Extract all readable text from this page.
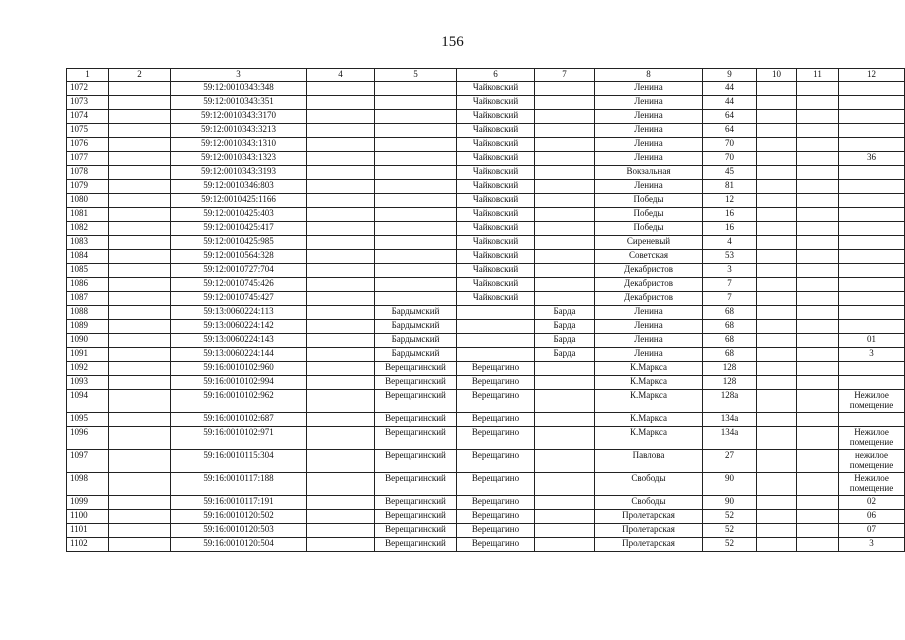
156
1	2	3	4	5	6	7	8	9	10	11	12
1072		59:12:0010343:348			Чайковский		Ленина	44			
1073		59:12:0010343:351			Чайковский		Ленина	44			
1074		59:12:0010343:3170			Чайковский		Ленина	64			
1075		59:12:0010343:3213			Чайковский		Ленина	64			
1076		59:12:0010343:1310			Чайковский		Ленина	70			
1077		59:12:0010343:1323			Чайковский		Ленина	70			36
1078		59:12:0010343:3193			Чайковский		Вокзальная	45			
1079		59:12:0010346:803			Чайковский		Ленина	81			
1080		59:12:0010425:1166			Чайковский		Победы	12			
1081		59:12:0010425:403			Чайковский		Победы	16			
1082		59:12:0010425:417			Чайковский		Победы	16			
1083		59:12:0010425:985			Чайковский		Сиреневый	4			
1084		59:12:0010564:328			Чайковский		Советская	53			
1085		59:12:0010727:704			Чайковский		Декабристов	3			
1086		59:12:0010745:426			Чайковский		Декабристов	7			
1087		59:12:0010745:427			Чайковский		Декабристов	7			
1088		59:13:0060224:113		Бардымский		Барда	Ленина	68			
1089		59:13:0060224:142		Бардымский		Барда	Ленина	68			
1090		59:13:0060224:143		Бардымский		Барда	Ленина	68			01
1091		59:13:0060224:144		Бардымский		Барда	Ленина	68			3
1092		59:16:0010102:960		Верещагинский	Верещагино		К.Маркса	128			
1093		59:16:0010102:994		Верещагинский	Верещагино		К.Маркса	128			
1094		59:16:0010102:962		Верещагинский	Верещагино		К.Маркса	128а			Нежилое помещение
1095		59:16:0010102:687		Верещагинский	Верещагино		К.Маркса	134а			
1096		59:16:0010102:971		Верещагинский	Верещагино		К.Маркса	134а			Нежилое помещение
1097		59:16:0010115:304		Верещагинский	Верещагино		Павлова	27			нежилое помещение
1098		59:16:0010117:188		Верещагинский	Верещагино		Свободы	90			Нежилое помещение
1099		59:16:0010117:191		Верещагинский	Верещагино		Свободы	90			02
1100		59:16:0010120:502		Верещагинский	Верещагино		Пролетарская	52			06
1101		59:16:0010120:503		Верещагинский	Верещагино		Пролетарская	52			07
1102		59:16:0010120:504		Верещагинский	Верещагино		Пролетарская	52			3
